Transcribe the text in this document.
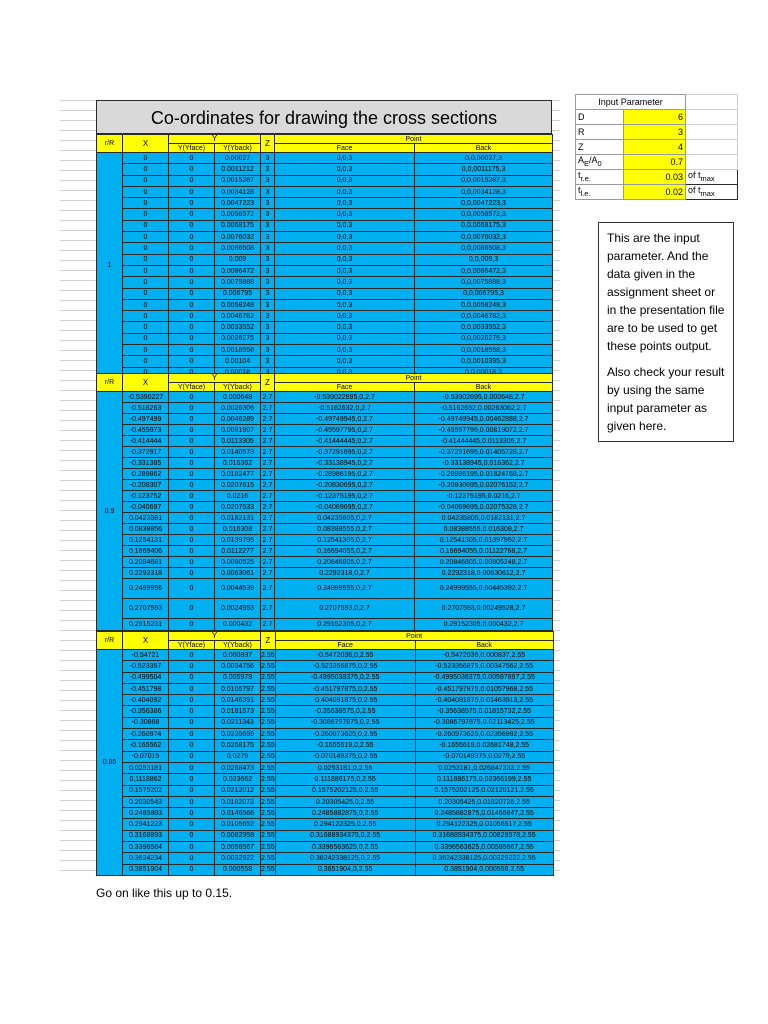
Co-ordinates for drawing the cross sections
r/R	X	Y		Z	Point	
		Y(Yface)	Y(Yback)		Face	Back
1	0	0	0.00027	3	0,0,3	0,0,00027,3
	0	0	0.0011212	3	0,0,3	0,0,0011175,3
	0	0	0.0015287	3	0,0,3	0,0,0015287,3
	0	0	0.0034128	3	0,0,3	0,0,0034128,3
	0	0	0.0047223	3	0,0,3	0,0,0047223,3
	0	0	0.0058572	3	0,0,3	0,0,0058572,3
	0	0	0.0068175	3	0,0,3	0,0,0068175,3
	0	0	0.0076032	3	0,0,3	0,0,0076032,3
	0	0	0.0086508	3	0,0,3	0,0,0086508,3
	0	0	0.009	3	0,0,3	0,0,009,3
	0	0	0.0086472	3	0,0,3	0,0,0086472,3
	0	0	0.0075888	3	0,0,3	0,0,0075888,3
	0	0	0.006795	3	0,0,3	0,0,006795,3
	0	0	0.0058248	3	0,0,3	0,0,0058248,3
	0	0	0.0046782	3	0,0,3	0,0,0046782,3
	0	0	0.0033552	3	0,0,3	0,0,0033552,3
	0	0	0.0026275	3	0,0,3	0,0,0026275,3
	0	0	0.0018558	3	0,0,3	0,0,0018558,3
	0	0	0.00104	3	0,0,3	0,0,0010395,3

r/R	X	Y		Z	Point	
		Y(Yface)	Y(Yback)		Face	Back
0.9	-0.5390227	0	0.000648	2.7	-0.539022695,0,2.7	-0.53902695,0.000648,2.7
	-0.516263	0	0.0026306	2.7	-0.5162632,0,2.7	-0.5162632,0.00263062,2.7
	-0.497499	0	0.0046289	2.7	-0.49749945,0,2.7	-0.49749945,0.00462888,2.7
	-0.455973	0	0.0081907	2.7	-0.45597795,0,2.7	-0.45597795,0.00819072,2.7
	-0.414444	0	0.0113305	2.7	-0.41444445,0,2.7	-0.41444445,0.0113305,2.7
	-0.372917	0	0.0140573	2.7	-0.37291695,0,2.7	-0.37291695,0.01405728,2.7
	-0.331385	0	0.016362	2.7	-0.33138945,0,2.7	-0.33138945,0.016362,2.7
	-0.289862	0	0.0182477	2.7	-0.28986195,0,2.7	-0.28986195,0.01824768,2.7
	-0.208307	0	0.0207615	2.7	-0.20830695,0,2.7	-0.20830695,0.02076152,2.7
	-0.123752	0	0.0216	2.7	-0.12375195,0,2.7	-0.12375195,0.0216,2.7
	-0.040697	0	0.0207533	2.7	-0.04069695,0,2.7	-0.04069695,0.02075328,2.7
	0.0423581	0	0.0182131	2.7	0.04235805,0,2.7	0.04235805,0.0182131,2.7
	0.0838856	0	0.016308	2.7	0.08388555,0,2.7	0.08388555,0.016308,2.7
	0.1254131	0	0.0139795	2.7	0.12541305,0,2.7	0.12541305,0.01397952,2.7
	0.1669406	0	0.0112277	2.7	0.16694055,0,2.7	0.16694055,0.01122768,2.7
	0.2084681	0	0.0080525	2.7	0.20846805,0,2.7	0.20846805,0.00805248,2.7
	0.2292318	0	0.0063061	2.7	0.2292318,0,2.7	0.2292318,0.00630612,2.7
	0.2499956	0	0.0044539	2.7	0.24999555,0,2.7	0.24999555,0.00445392,2.7
	0.2707593	0	0.0024953	2.7	0.2707593,0,2.7	0.2707593,0.00249528,2.7
	0.2915231	0	0.000432	2.7	0.29152305,0,2.7	0.29152305,0.000432,2.7
r/R	X	Y		Z	Point	
		Y(Yface)	Y(Yback)		Face	Back
0.85	-0.54721	0	0.000837	2.55	-0.5472036,0,2.55	-0.5472036,0.000837,2.55
	-0.523357	0	0.0034756	2.55	-0.523356875,0,2.55	-0.523356875,0.00347562,2.55
	-0.499504	0	0.005979	2.55	-0.4995038375,0,2.55	-0.4995036375,0.00597897,2.55
	-0.451798	0	0.0105797	2.55	-0.451797875,0,2.55	-0.451797875,0.01057968,2.55
	-0.404092	0	0.0146391	2.55	-0.404091875,0,2.55	-0.404091875,0.01463913,2.55
	-0.356386	0	0.0181573	2.55	-0.35638575,0,2.55	-0.35638575,0.01815732,2.55
	-0.30868	0	0.0211343	2.55	-0.3086797875,0,2.55	-0.3086797875,0.02113425,2.55
	-0.260974	0	0.0235699	2.55	-0.260973625,0,2.55	-0.260973625,0.02356992,2.55
	-0.165562	0	0.0268175	2.55	-0.1655619,0,2.55	-0.1655619,0.02681748,2.55
	-0.07015	0	0.0279	2.55	-0.070149375,0,2.55	-0.070149375,0.0279,2.55
	0.0253181	0	0.0268473	2.55	0.0253181,0,2.55	0.0253181,0.026847333,2.55
	0.1118862	0	0.023662	2.55	0.111886175,0,2.55	0.111886175,0.02366199,2.55
	0.1575202	0	0.0212012	2.55	0.1575202125,0,2.55	0.1575202125,0.02120121,2.55
	0.2030543	0	0.0182073	2.55	0.20305425,0,2.55	0.20305425,0.01820726,2.55
	0.2485883	0	0.0146566	2.55	0.2485882875,0,2.55	0.2485882875,0.01465847,2.55
	0.2941223	0	0.0105652	2.55	0.294122325,0,2.55	0.294122325,0.01056517,2.55
	0.3168893	0	0.0082958	2.55	0.31688934375,0,2.55	0.31688934375,0.00829578,2.55
	0.3396564	0	0.0058567	2.55	0.3396563625,0,2.55	0.3396563625,0.00585667,2.55
	0.3624234	0	0.0032922	2.55	0.36242338125,0,2.55	0.36242338125,0.00329222,2.55
	0.3851904	0	0.000558	2.55	0.3851904,0,2.55	0.3851904,0.000558,2.55
Input Parameter		
D	6	
R	3	
Z	4	
$A_E/A_0$	0.7	
$t_{r.e.}$	0.03	of $t_{max}$
$t_{l.e.}$	0.02	of $t_{max}$

This are the input parameter. And the data given in the assignment sheet or in the presentation file are to be used to get these points output.

Also check your result by using the same input parameter as given here.

Go on like this up to 0.15.
